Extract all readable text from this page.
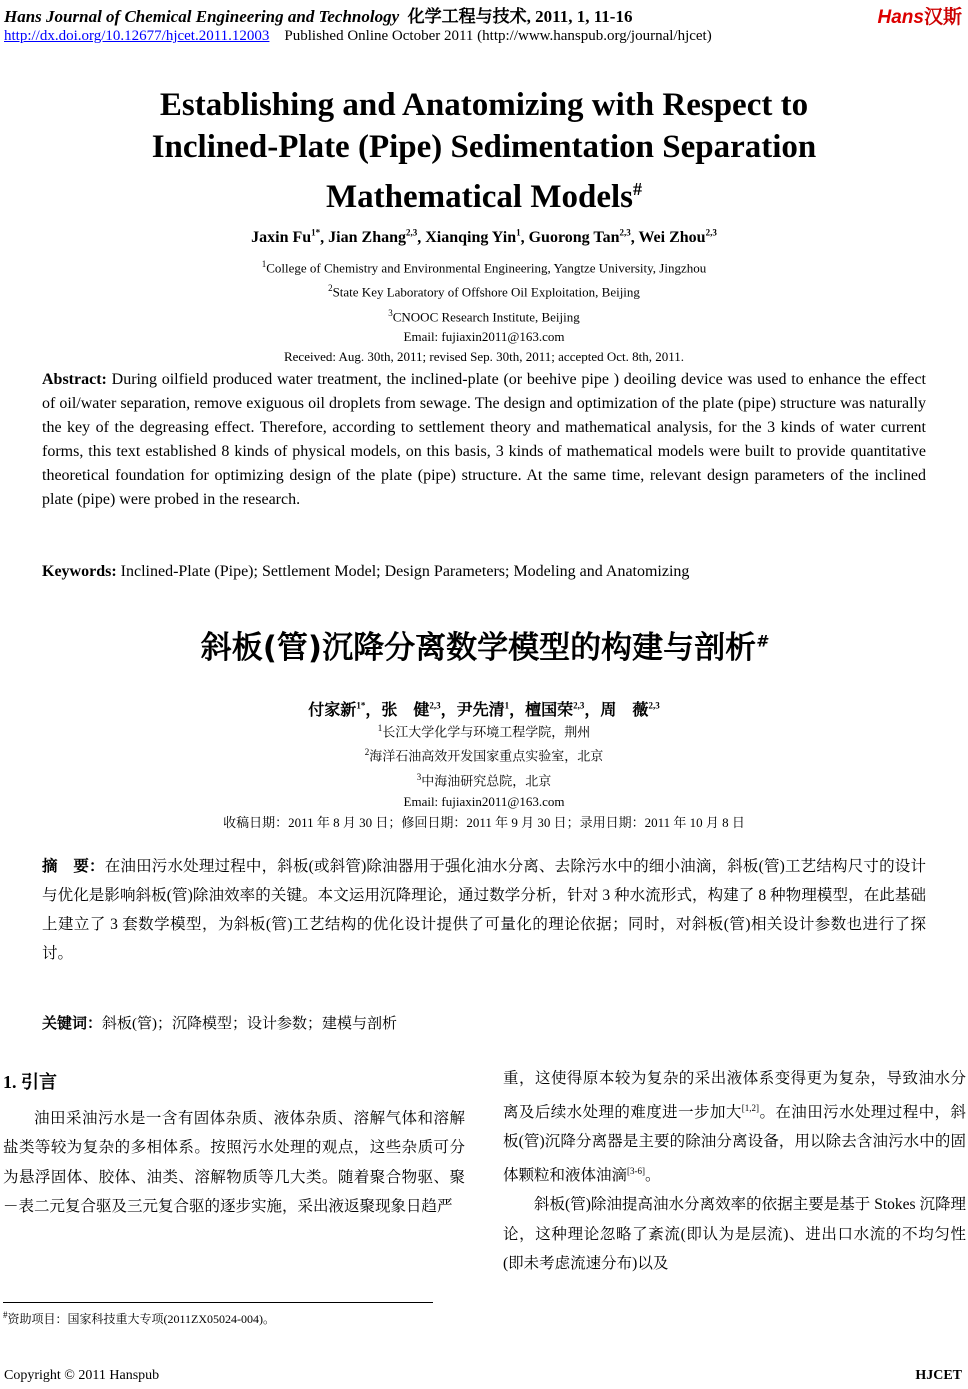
Hans Journal of Chemical Engineering and Technology 化学工程与技术, 2011, 1, 11-16	Hans汉斯
http://dx.doi.org/10.12677/hjcet.2011.12003 Published Online October 2011 (http://www.hanspub.org/journal/hjcet)
Establishing and Anatomizing with Respect to
Inclined-Plate (Pipe) Sedimentation Separation
Mathematical Models#
Jaxin $Fu^{1*}$, Jian Zhang$^{2,3}$, Xianqing Yin$^1$, Guorong Tan$^{2,3}$, Wei Zhou$^{2,3}$
$^1$College of Chemistry and Environmental Engineering, Yangtze University, Jingzhou
$^2$State Key Laboratory of Offshore Oil Exploitation, Beijing
$^3$CNOOC Research Institute, Beijing
Email: fujiaxin2011@163.com
Received: Aug. 30th, 2011; revised Sep. 30th, 2011; accepted Oct. 8th, 2011.
Abstract: During oilfield produced water treatment, the inclined-plate (or beehive pipe ) deoiling device was used to enhance the effect of oil/water separation, remove exiguous oil droplets from sewage. The design and optimization of the plate (pipe) structure was naturally the key of the degreasing effect. Therefore, according to settlement theory and mathematical analysis, for the 3 kinds of water current forms, this text established 8 kinds of physical models, on this basis, 3 kinds of mathematical models were built to provide quantitative theoretical foundation for optimizing design of the plate (pipe) structure. At the same time, relevant design parameters of the inclined plate (pipe) were probed in the research.
Keywords: Inclined-Plate (Pipe); Settlement Model; Design Parameters; Modeling and Anatomizing
斜板(管)沉降分离数学模型的构建与剖析#
付家新$^{1*}$，张　健$^{2,3}$，尹先清$^1$，檀国荣$^{2,3}$，周　薇$^{2,3}$
$^1$长江大学化学与环境工程学院，荆州
$^2$海洋石油高效开发国家重点实验室，北京
$^3$中海油研究总院，北京
Email: fujiaxin2011@163.com
收稿日期：2011 年 8 月 30 日；修回日期：2011 年 9 月 30 日；录用日期：2011 年 10 月 8 日
摘　要：在油田污水处理过程中，斜板(或斜管)除油器用于强化油水分离、去除污水中的细小油滴，斜板(管)工艺结构尺寸的设计与优化是影响斜板(管)除油效率的关键。本文运用沉降理论，通过数学分析，针对 3 种水流形式，构建了 8 种物理模型，在此基础上建立了 3 套数学模型，为斜板(管)工艺结构的优化设计提供了可量化的理论依据；同时，对斜板(管)相关设计参数也进行了探讨。
关键词：斜板(管)；沉降模型；设计参数；建模与剖析
1. 引言

油田采油污水是一含有固体杂质、液体杂质、溶解气体和溶解盐类等较为复杂的多相体系。按照污水处理的观点，这些杂质可分为悬浮固体、胶体、油类、溶解物质等几大类。随着聚合物驱、聚－表二元复合驱及三元复合驱的逐步实施，采出液返聚现象日趋严

重，这使得原本较为复杂的采出液体系变得更为复杂，导致油水分离及后续水处理的难度进一步加大[1,2]。在油田污水处理过程中，斜板(管)沉降分离器是主要的除油分离设备，用以除去含油污水中的固体颗粒和液体油滴[3-6]。

斜板(管)除油提高油水分离效率的依据主要是基于 Stokes 沉降理论，这种理论忽略了紊流(即认为是层流)、进出口水流的不均匀性(即未考虑流速分布)以及

#资助项目：国家科技重大专项(2011ZX05024-004)。
Copyright © 2011 Hanspub	HJCET
